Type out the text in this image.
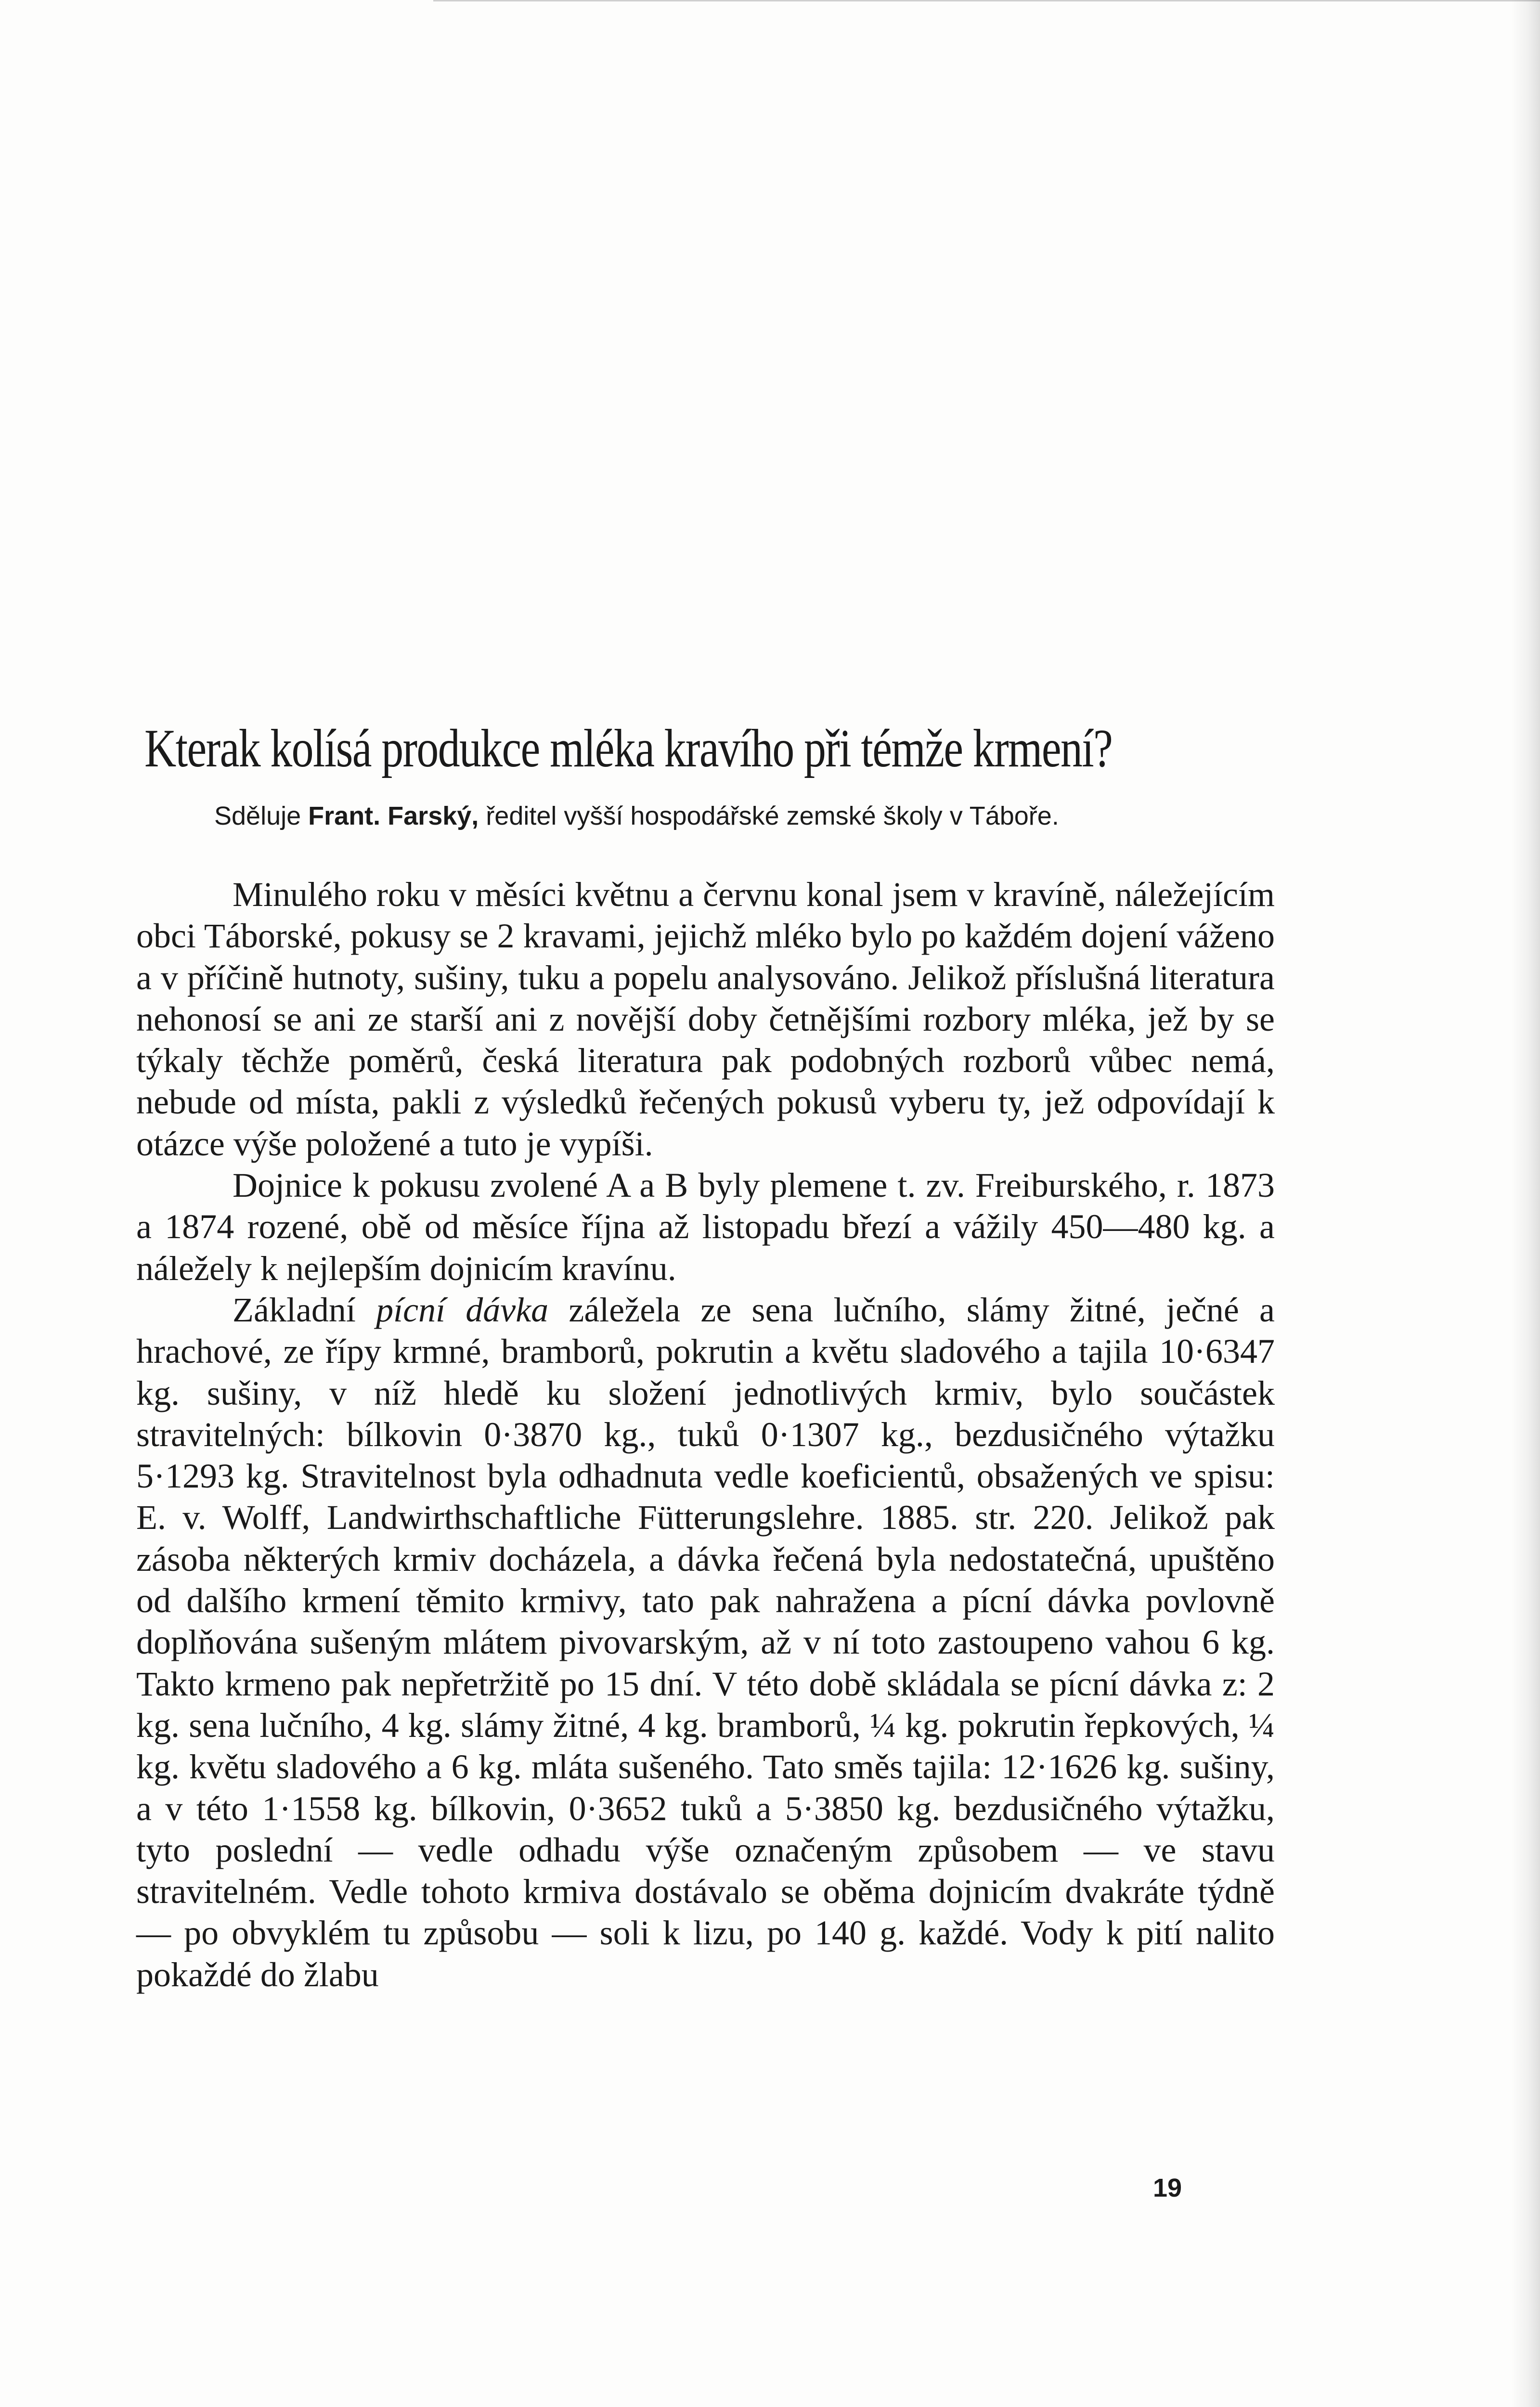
Kterak kolísá produkce mléka kravího při témže krmení?
Sděluje Frant. Farský, ředitel vyšší hospodářské zemské školy v Táboře.

Minulého roku v měsíci květnu a červnu konal jsem v kravíně, náležejícím obci Táborské, pokusy se 2 kravami, jejichž mléko bylo po každém dojení váženo a v příčině hutnoty, sušiny, tuku a popelu analysováno. Jelikož příslušná literatura nehonosí se ani ze starší ani z novější doby četnějšími rozbory mléka, jež by se týkaly těchže poměrů, česká literatura pak podobných rozborů vůbec nemá, nebude od místa, pakli z výsledků řečených pokusů vyberu ty, jež odpovídají k otázce výše položené a tuto je vypíši.

Dojnice k pokusu zvolené A a B byly plemene t. zv. Freiburského, r. 1873 a 1874 rozené, obě od měsíce října až listopadu březí a vážily 450—480 kg. a náležely k nejlepším dojnicím kravínu.

Základní pícní dávka záležela ze sena lučního, slámy žitné, ječné a hrachové, ze řípy krmné, bramborů, pokrutin a květu sladového a tajila 10·6347 kg. sušiny, v níž hledě ku složení jednotlivých krmiv, bylo součástek stravitelných: bílkovin 0·3870 kg., tuků 0·1307 kg., bezdusičného výtažku 5·1293 kg. Stravitelnost byla odhadnuta vedle koeficientů, obsažených ve spisu: E. v. Wolff, Landwirthschaftliche Fütterungslehre. 1885. str. 220. Jelikož pak zásoba některých krmiv docházela, a dávka řečená byla nedostatečná, upuštěno od dalšího krmení těmito krmivy, tato pak nahražena a pícní dávka povlovně doplňována sušeným mlátem pivovarským, až v ní toto zastoupeno vahou 6 kg. Takto krmeno pak nepřetržitě po 15 dní. V této době skládala se pícní dávka z: 2 kg. sena lučního, 4 kg. slámy žitné, 4 kg. bramborů, ¼ kg. pokrutin řepkových, ¼ kg. květu sladového a 6 kg. mláta sušeného. Tato směs tajila: 12·1626 kg. sušiny, a v této 1·1558 kg. bílkovin, 0·3652 tuků a 5·3850 kg. bezdusičného výtažku, tyto poslední — vedle odhadu výše označeným způsobem — ve stavu stravitelném. Vedle tohoto krmiva dostávalo se oběma dojnicím dvakráte týdně — po obvyklém tu způsobu — soli k lizu, po 140 g. každé. Vody k pití nalito pokaždé do žlabu

19
